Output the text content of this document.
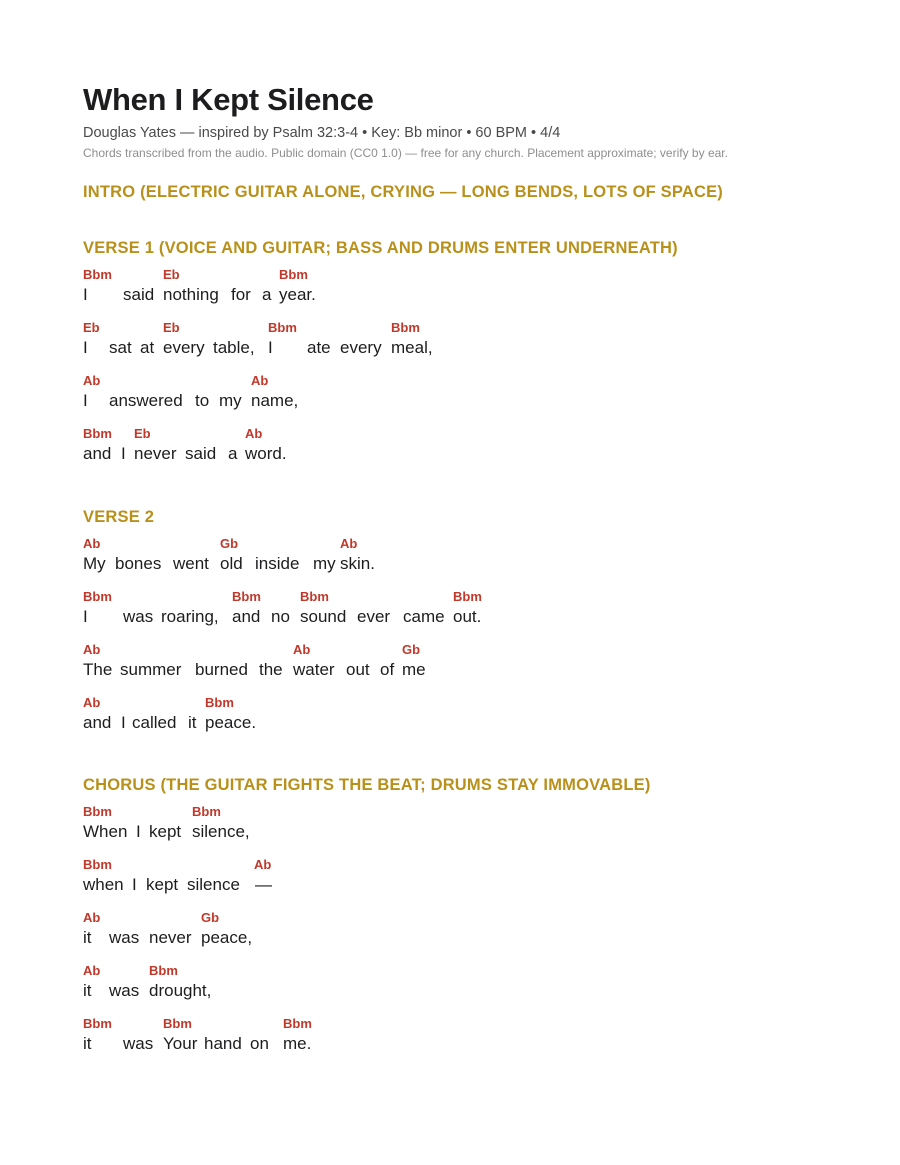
When I Kept Silence
Douglas Yates — inspired by Psalm 32:3-4 • Key: Bb minor • 60 BPM • 4/4
Chords transcribed from the audio. Public domain (CC0 1.0) — free for any church. Placement approximate; verify by ear.
INTRO (ELECTRIC GUITAR ALONE, CRYING — LONG BENDS, LOTS OF SPACE)
VERSE 1 (VOICE AND GUITAR; BASS AND DRUMS ENTER UNDERNEATH)
Bbm	Eb	Bbm
I said nothing for a year.
Eb	Eb	Bbm	Bbm
I sat at every table, I ate every meal,
Ab	Ab
I answered to my name,
Bbm Eb	Ab
and I never said a word.
VERSE 2
Ab	Gb	Ab
My bones went old inside my skin.
Bbm	Bbm	Bbm	Bbm
I was roaring, and no sound ever came out.
Ab	Ab	Gb
The summer burned the water out of me
Ab	Bbm
and I called it peace.
CHORUS (THE GUITAR FIGHTS THE BEAT; DRUMS STAY IMMOVABLE)
Bbm	Bbm
When I kept silence,
Bbm	Ab
when I kept silence —
Ab	Gb
it was never peace,
Ab	Bbm
it was drought,
Bbm	Bbm	Bbm
it was Your hand on me.
